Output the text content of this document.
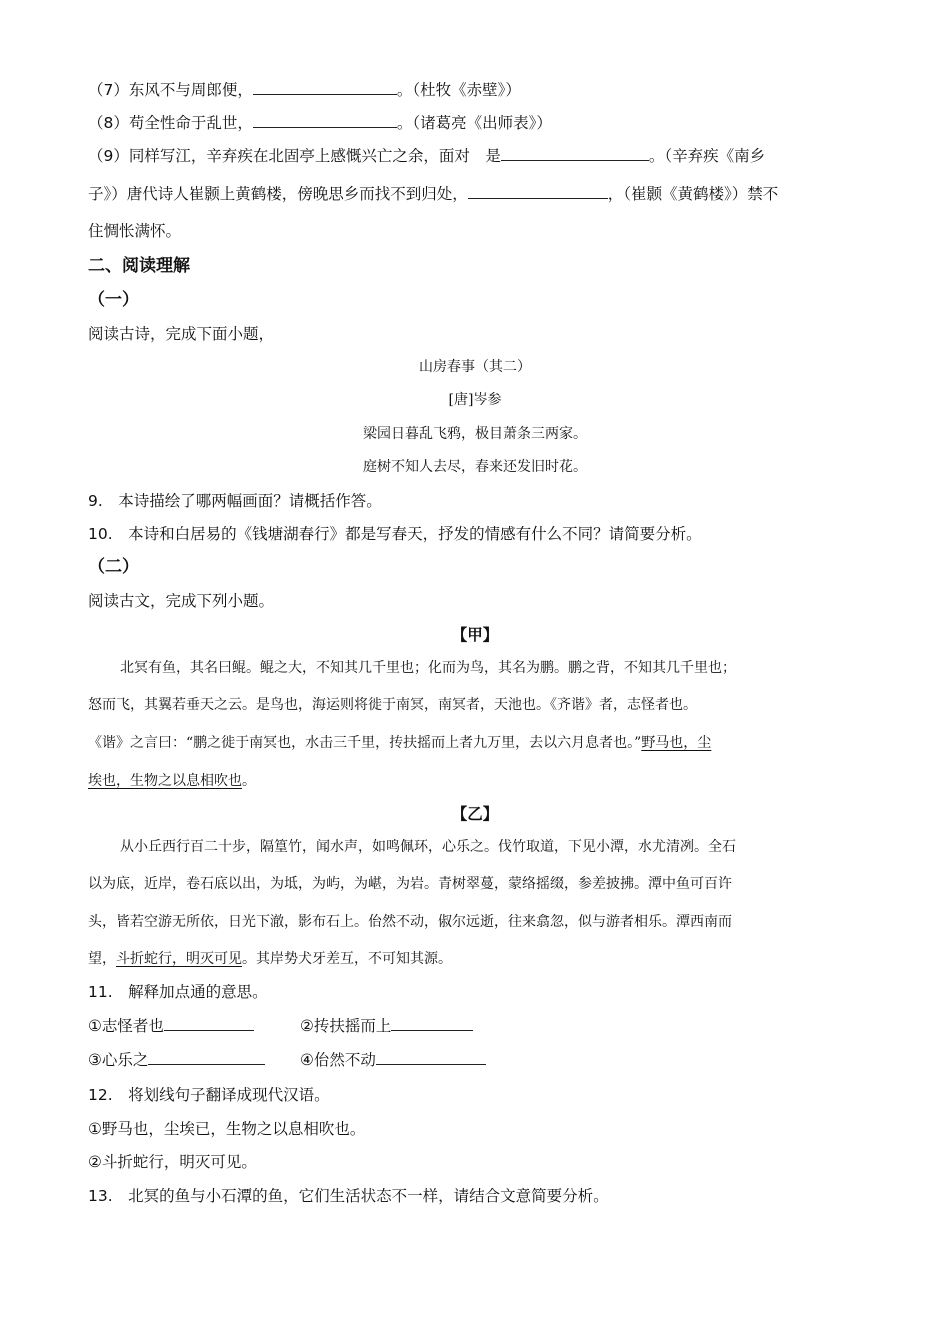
（7）东风不与周郎便，	。（杜牧《赤壁》）
（8）苟全性命于乱世，	。（诸葛亮《出师表》）
（9）同样写江，辛弃疾在北固亭上感慨兴亡之余，面对　是	。（辛弃疾《南乡
子》）唐代诗人崔颢上黄鹤楼，傍晚思乡而找不到归处，	，（崔颢《黄鹤楼》）禁不
住惆怅满怀。
二、阅读理解
（一）
阅读古诗，完成下面小题，
山房春事（其二）
[唐]岑参
梁园日暮乱飞鸦，极目萧条三两家。
庭树不知人去尽，春来还发旧时花。
9.　本诗描绘了哪两幅画面？请概括作答。
10.　本诗和白居易的《钱塘湖春行》都是写春天，抒发的情感有什么不同？请简要分析。
（二）
阅读古文，完成下列小题。
【甲】
北冥有鱼，其名曰鲲。鲲之大，不知其几千里也；化而为鸟，其名为鹏。鹏之背，不知其几千里也；
怒而飞，其翼若垂天之云。是鸟也，海运则将徙于南冥，南冥者，天池也。《齐谐》者，志怪者也。
《谐》之言曰：“鹏之徙于南冥也，水击三千里，抟扶摇而上者九万里，去以六月息者也。”野马也，尘
埃也，生物之以息相吹也。
【乙】
从小丘西行百二十步，隔篁竹，闻水声，如鸣佩环，心乐之。伐竹取道，下见小潭，水尤清冽。全石
以为底，近岸，卷石底以出，为坻，为屿，为嵁，为岩。青树翠蔓，蒙络摇缀，参差披拂。潭中鱼可百许
头，皆若空游无所依，日光下澈，影布石上。佁然不动，俶尔远逝，往来翕忽，似与游者相乐。潭西南而
望，斗折蛇行，明灭可见。其岸势犬牙差互，不可知其源。
11.　解释加点通的意思。
①志怪者也	②抟扶摇而上
③心乐之	④佁然不动
12.　将划线句子翻译成现代汉语。
①野马也，尘埃已，生物之以息相吹也。
②斗折蛇行，明灭可见。
13.　北冥的鱼与小石潭的鱼，它们生活状态不一样，请结合文意简要分析。
